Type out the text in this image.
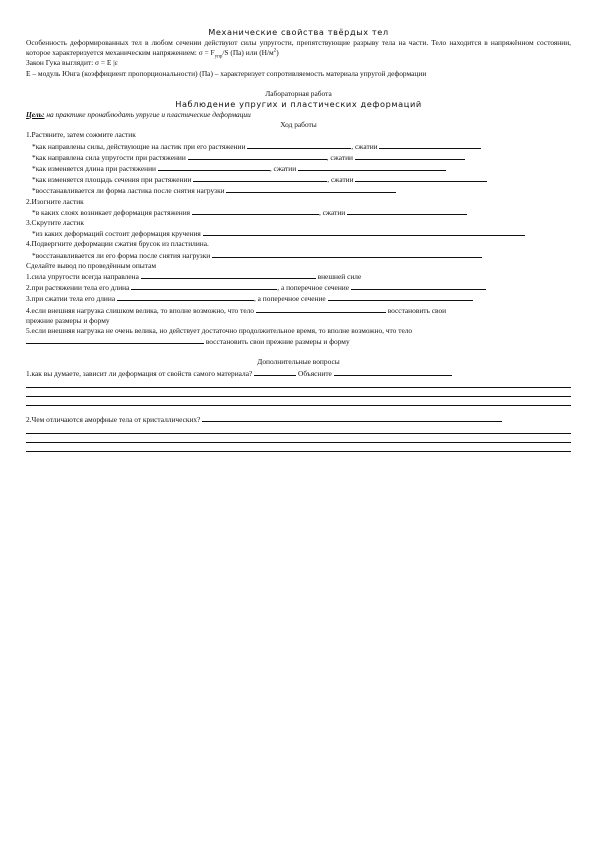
Механические свойства твёрдых тел
Особенность деформированных тел в любом сечении действуют силы упругости, препятствующие разрыву тела на части. Тело находится в напряжённом состоянии, которое характеризуется механическим напряжением: $\sigma = F_{упр}/S$ (Па) или $(Н/м^2)$
Закон Гука выглядит: σ = Е |ε
Е – модуль Юнга (коэффициент пропорциональности) (Па) – характеризует сопротивляемость материала упругой деформации
Лабораторная работа
Наблюдение упругих и пластических деформаций
Цель: на практике пронаблюдать упругие и пластические деформации
Ход работы
1.Растяните, затем сожмите ластик
*как направлены силы, действующие на ластик при его растяжении	, сжатии
*как направлена сила упругости при растяжении	, сжатии
*как изменяется длина при растяжении	, сжатии
*как изменяется площадь сечения при растяжении	, сжатии
*восстанавливается ли форма ластика после снятия нагрузки
2.Изогните ластик
*в каких слоях возникает деформация растяжения	, сжатии
3.Скрутите ластик
*из каких деформаций состоит деформация кручения
4.Подвергните деформации сжатия брусок из пластилина.
*восстанавливается ли его форма после снятия нагрузки
Сделайте вывод по проведённым опытам
1.сила упругости всегда направлена	внешней силе
2.при растяжении тела его длина	, а поперечное сечение
3.при сжатии тела его длина	, а поперечное сечение
4.если внешняя нагрузка слишком велика, то вполне возможно, что тело	восстановить свои
прежние размеры и форму
5.если внешняя нагрузка не очень велика, но действует достаточно продолжительное время, то вполне возможно, что тело
восстановить свои прежние размеры и форму
Дополнительные вопросы
1.как вы думаете, зависит ли деформация от свойств самого материала?	Объясните
2.Чем отличаются аморфные тела от кристаллических?
